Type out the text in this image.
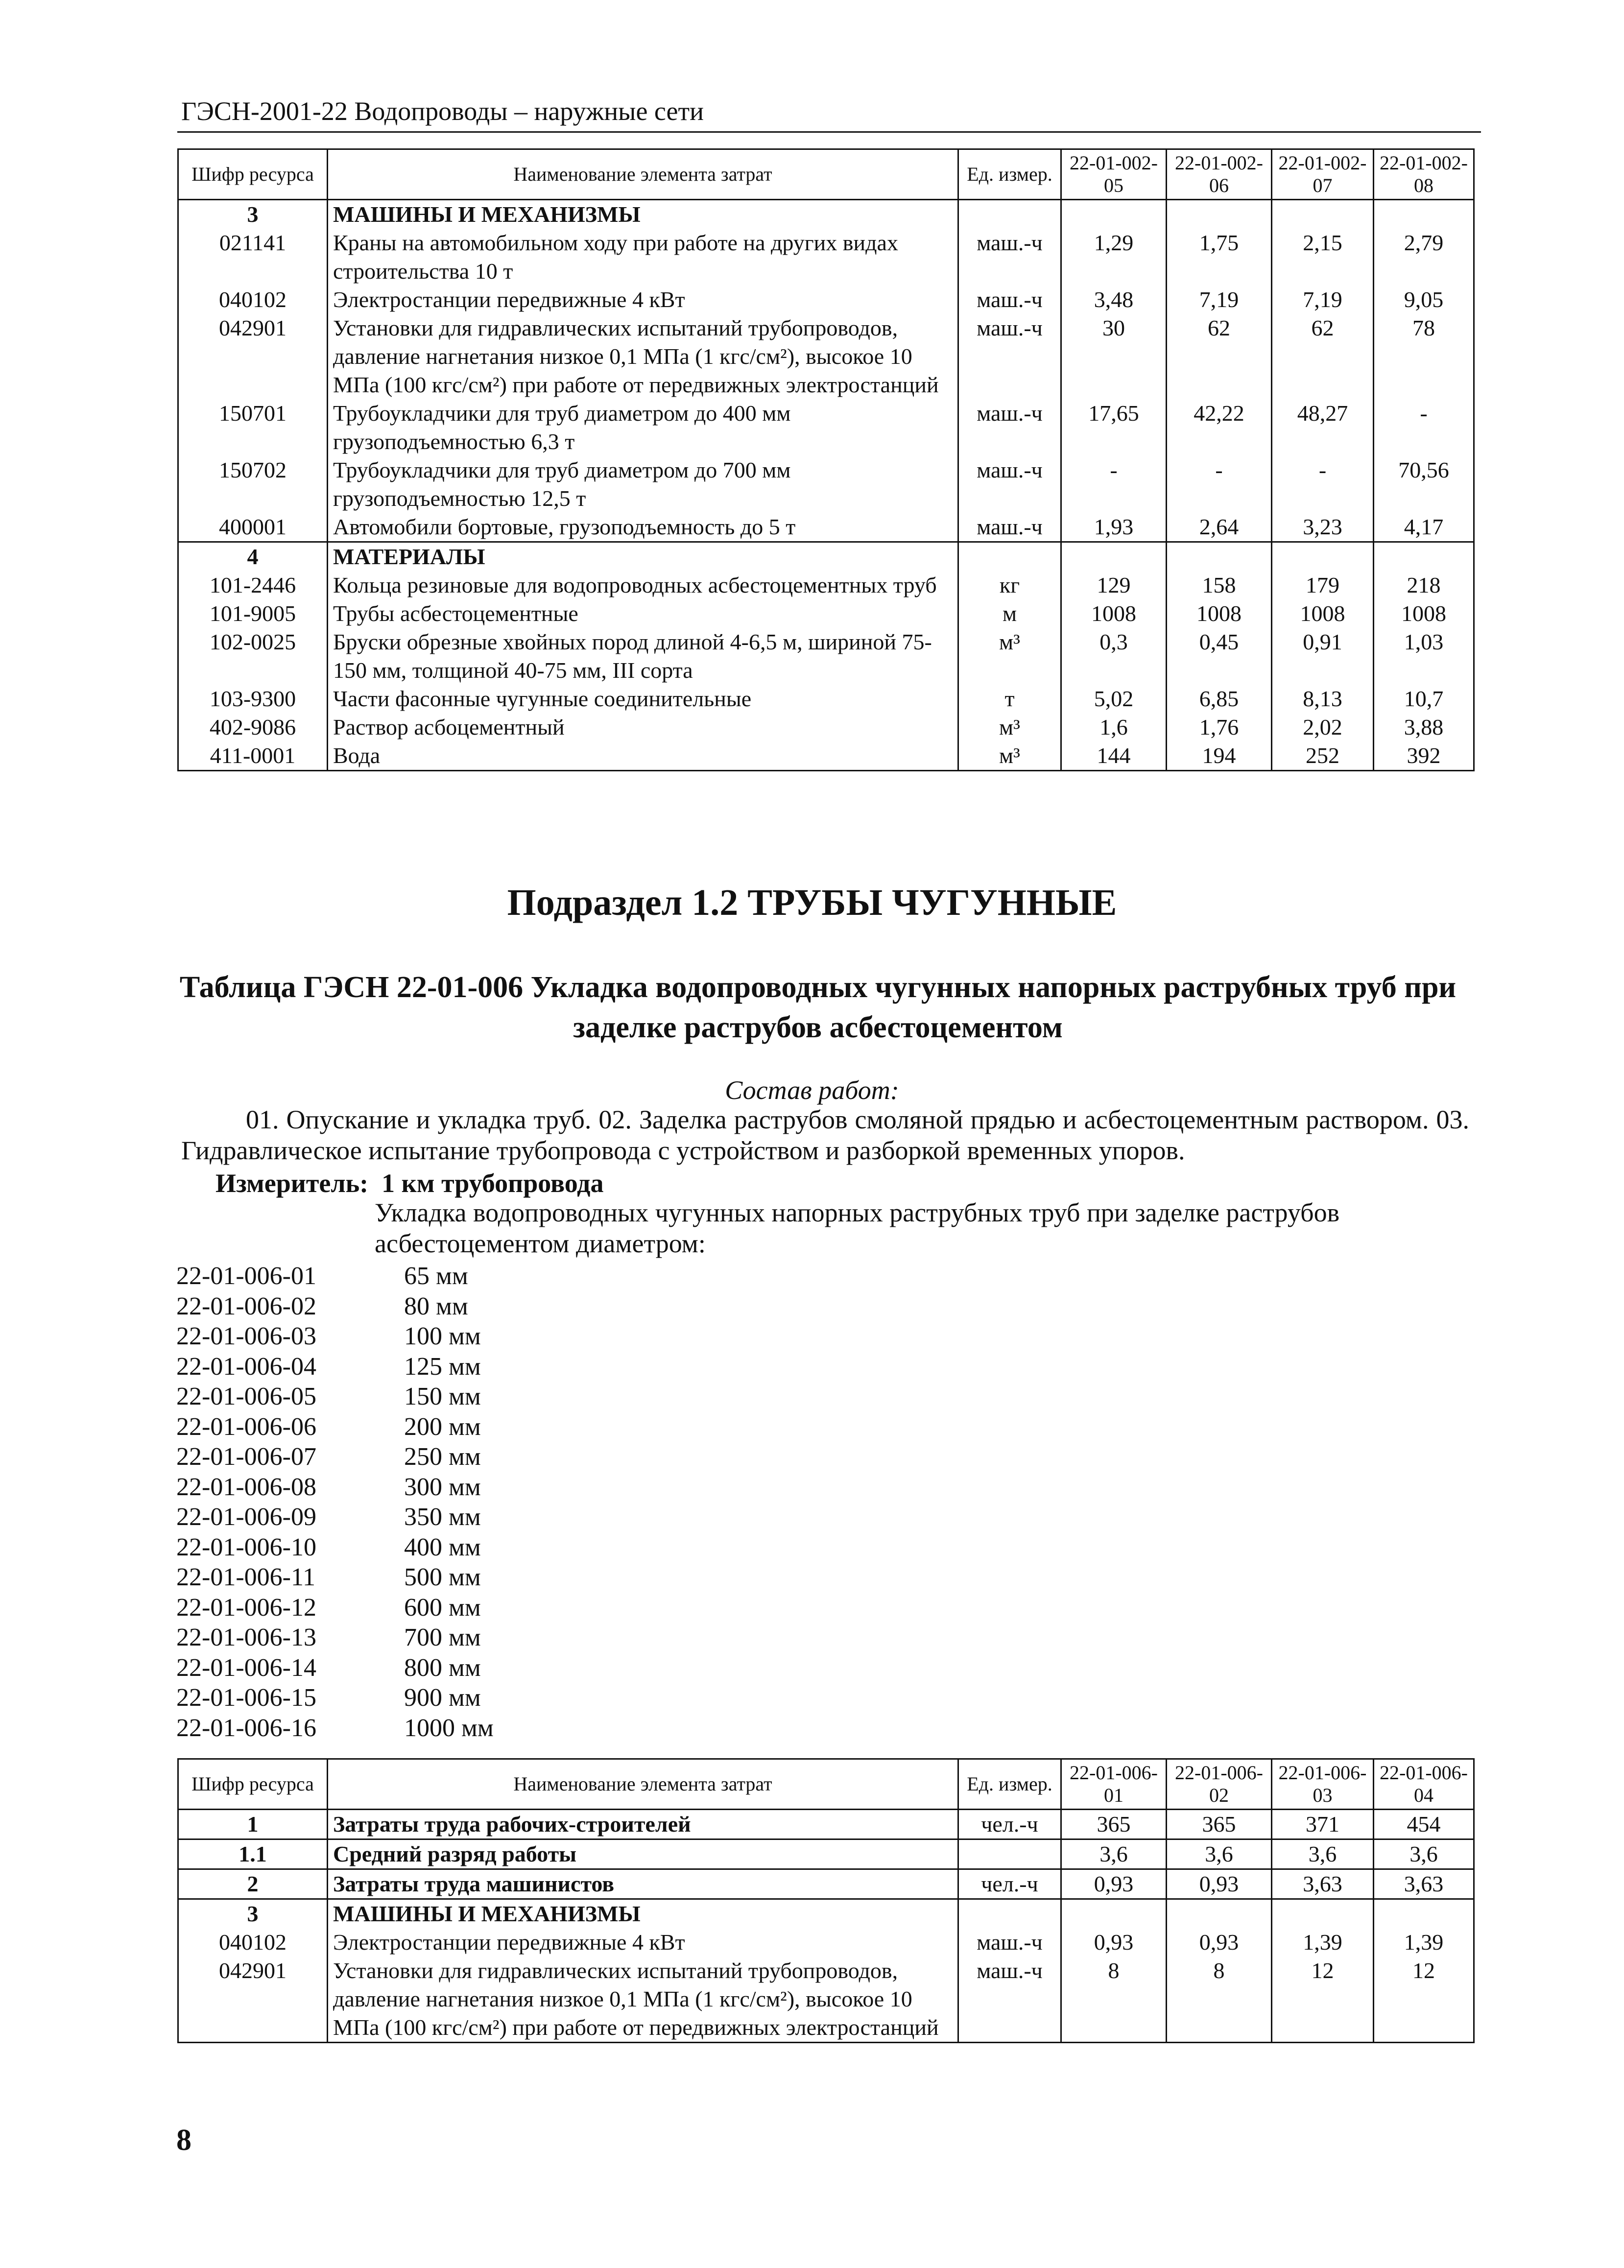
ГЭСН-2001-22 Водопроводы – наружные сети
Шифр ресурса	Наименование элемента затрат	Ед. измер.	22-01-002-05	22-01-002-06	22-01-002-07	22-01-002-08
3	МАШИНЫ И МЕХАНИЗМЫ					
021141	Краны на автомобильном ходу при работе на других видах строительства 10 т	маш.-ч	1,29	1,75	2,15	2,79
040102	Электростанции передвижные 4 кВт	маш.-ч	3,48	7,19	7,19	9,05
042901	Установки для гидравлических испытаний трубопроводов, давление нагнетания низкое 0,1 МПа (1 кгс/см²), высокое 10 МПа (100 кгс/см²) при работе от передвижных электростанций	маш.-ч	30	62	62	78
150701	Трубоукладчики для труб диаметром до 400 мм грузоподъемностью 6,3 т	маш.-ч	17,65	42,22	48,27	-
150702	Трубоукладчики для труб диаметром до 700 мм грузоподъемностью 12,5 т	маш.-ч	-	-	-	70,56
400001	Автомобили бортовые, грузоподъемность до 5 т	маш.-ч	1,93	2,64	3,23	4,17
4	МАТЕРИАЛЫ					
101-2446	Кольца резиновые для водопроводных асбестоцементных труб	кг	129	158	179	218
101-9005	Трубы асбестоцементные	м	1008	1008	1008	1008
102-0025	Бруски обрезные хвойных пород длиной 4-6,5 м, шириной 75-150 мм, толщиной 40-75 мм, III сорта	м³	0,3	0,45	0,91	1,03
103-9300	Части фасонные чугунные соединительные	т	5,02	6,85	8,13	10,7
402-9086	Раствор асбоцементный	м³	1,6	1,76	2,02	3,88
411-0001	Вода	м³	144	194	252	392
Подраздел 1.2 ТРУБЫ ЧУГУННЫЕ
Таблица ГЭСН 22-01-006 Укладка водопроводных чугунных напорных раструбных труб при заделке раструбов асбестоцементом
Состав работ:
01. Опускание и укладка труб. 02. Заделка раструбов смоляной прядью и асбестоцементным раствором. 03. Гидравлическое испытание трубопровода с устройством и разборкой временных упоров.
Измеритель: 1 км трубопровода
Укладка водопроводных чугунных напорных раструбных труб при заделке раструбов асбестоцементом диаметром:
22-01-006-01	65 мм
22-01-006-02	80 мм
22-01-006-03	100 мм
22-01-006-04	125 мм
22-01-006-05	150 мм
22-01-006-06	200 мм
22-01-006-07	250 мм
22-01-006-08	300 мм
22-01-006-09	350 мм
22-01-006-10	400 мм
22-01-006-11	500 мм
22-01-006-12	600 мм
22-01-006-13	700 мм
22-01-006-14	800 мм
22-01-006-15	900 мм
22-01-006-16	1000 мм
Шифр ресурса	Наименование элемента затрат	Ед. измер.	22-01-006-01	22-01-006-02	22-01-006-03	22-01-006-04
1	Затраты труда рабочих-строителей	чел.-ч	365	365	371	454
1.1	Средний разряд работы		3,6	3,6	3,6	3,6
2	Затраты труда машинистов	чел.-ч	0,93	0,93	3,63	3,63
3	МАШИНЫ И МЕХАНИЗМЫ					
040102	Электростанции передвижные 4 кВт	маш.-ч	0,93	0,93	1,39	1,39
042901	Установки для гидравлических испытаний трубопроводов, давление нагнетания низкое 0,1 МПа (1 кгс/см²), высокое 10 МПа (100 кгс/см²) при работе от передвижных электростанций	маш.-ч	8	8	12	12
8
